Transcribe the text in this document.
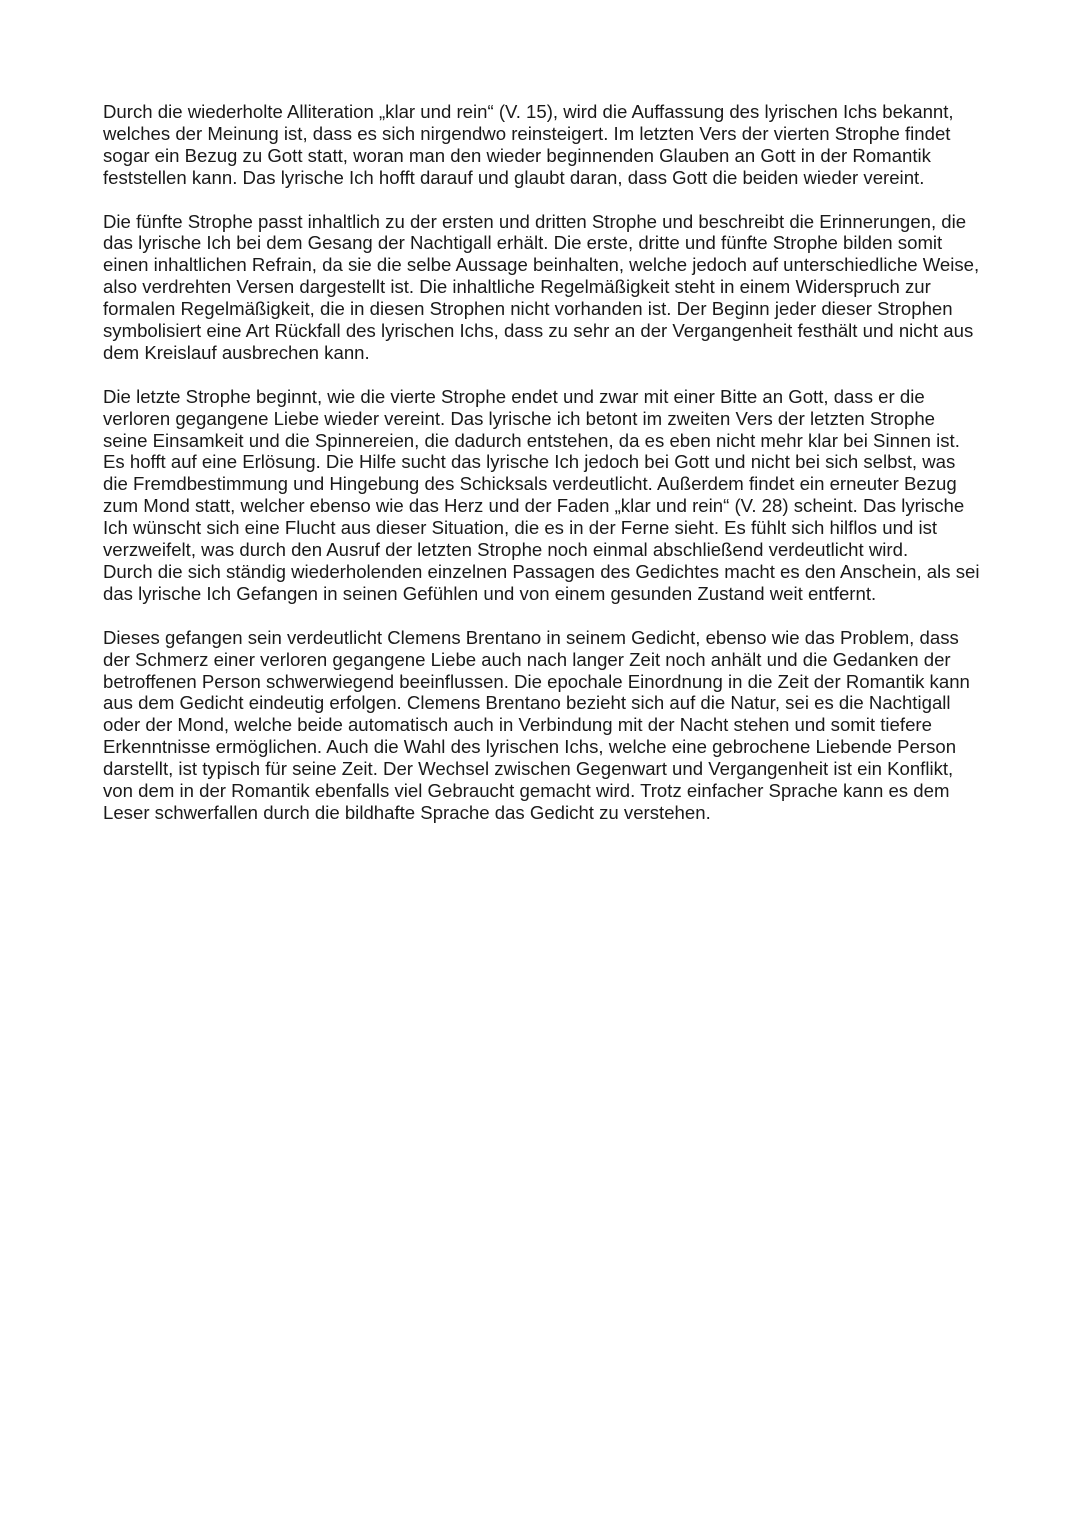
Durch die wiederholte Alliteration „klar und rein“ (V. 15), wird die Auffassung des lyrischen Ichs bekannt, welches der Meinung ist, dass es sich nirgendwo reinsteigert. Im letzten Vers der vierten Strophe findet sogar ein Bezug zu Gott statt, woran man den wieder beginnenden Glauben an Gott in der Romantik feststellen kann. Das lyrische Ich hofft darauf und glaubt daran, dass Gott die beiden wieder vereint.

Die fünfte Strophe passt inhaltlich zu der ersten und dritten Strophe und beschreibt die Erinnerungen, die das lyrische Ich bei dem Gesang der Nachtigall erhält. Die erste, dritte und fünfte Strophe bilden somit einen inhaltlichen Refrain, da sie die selbe Aussage beinhalten, welche jedoch auf unterschiedliche Weise, also verdrehten Versen dargestellt ist. Die inhaltliche Regelmäßigkeit steht in einem Widerspruch zur formalen Regelmäßigkeit, die in diesen Strophen nicht vorhanden ist. Der Beginn jeder dieser Strophen symbolisiert eine Art Rückfall des lyrischen Ichs, dass zu sehr an der Vergangenheit festhält und nicht aus dem Kreislauf ausbrechen kann.

Die letzte Strophe beginnt, wie die vierte Strophe endet und zwar mit einer Bitte an Gott, dass er die verloren gegangene Liebe wieder vereint. Das lyrische ich betont im zweiten Vers der letzten Strophe seine Einsamkeit und die Spinnereien, die dadurch entstehen, da es eben nicht mehr klar bei Sinnen ist. Es hofft auf eine Erlösung. Die Hilfe sucht das lyrische Ich jedoch bei Gott und nicht bei sich selbst, was die Fremdbestimmung und Hingebung des Schicksals verdeutlicht. Außerdem findet ein erneuter Bezug zum Mond statt, welcher ebenso wie das Herz und der Faden „klar und rein“ (V. 28) scheint. Das lyrische Ich wünscht sich eine Flucht aus dieser Situation, die es in der Ferne sieht. Es fühlt sich hilflos und ist verzweifelt, was durch den Ausruf der letzten Strophe noch einmal abschließend verdeutlicht wird.

Durch die sich ständig wiederholenden einzelnen Passagen des Gedichtes macht es den Anschein, als sei das lyrische Ich Gefangen in seinen Gefühlen und von einem gesunden Zustand weit entfernt.

Dieses gefangen sein verdeutlicht Clemens Brentano in seinem Gedicht, ebenso wie das Problem, dass der Schmerz einer verloren gegangene Liebe auch nach langer Zeit noch anhält und die Gedanken der betroffenen Person schwerwiegend beeinflussen. Die epochale Einordnung in die Zeit der Romantik kann aus dem Gedicht eindeutig erfolgen. Clemens Brentano bezieht sich auf die Natur, sei es die Nachtigall oder der Mond, welche beide automatisch auch in Verbindung mit der Nacht stehen und somit tiefere Erkenntnisse ermöglichen. Auch die Wahl des lyrischen Ichs, welche eine gebrochene Liebende Person darstellt, ist typisch für seine Zeit. Der Wechsel zwischen Gegenwart und Vergangenheit ist ein Konflikt, von dem in der Romantik ebenfalls viel Gebraucht gemacht wird. Trotz einfacher Sprache kann es dem Leser schwerfallen durch die bildhafte Sprache das Gedicht zu verstehen.
